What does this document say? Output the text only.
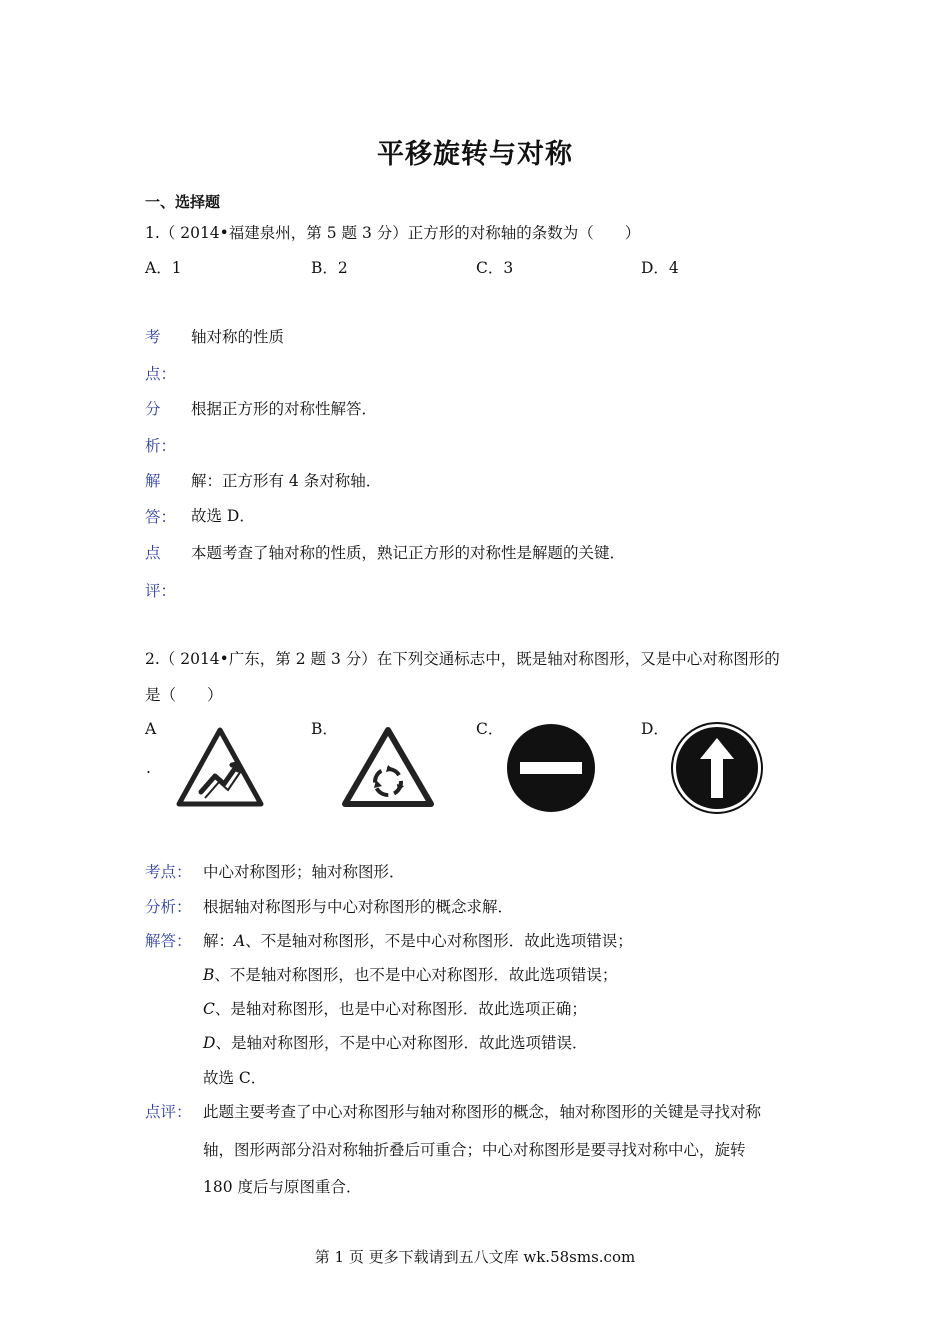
平移旋转与对称
一、选择题
1.（ 2014•福建泉州，第 5 题 3 分）正方形的对称轴的条数为（　　）
A．1	B．2	C．3	D．4
考
点：
轴对称的性质
分
析：
根据正方形的对称性解答．
解
答：
解：正方形有 4 条对称轴．
故选 D．
点
评：
本题考查了轴对称的性质，熟记正方形的对称性是解题的关键．
2.（ 2014•广东，第 2 题 3 分）在下列交通标志中，既是轴对称图形，又是中心对称图形的
是（　　）
A
.
B．	C．	D．
考点： 中心对称图形；轴对称图形．
分析： 根据轴对称图形与中心对称图形的概念求解．
解答： 解：A、不是轴对称图形，不是中心对称图形．故此选项错误；
B、不是轴对称图形，也不是中心对称图形．故此选项错误；
C、是轴对称图形，也是中心对称图形．故此选项正确；
D、是轴对称图形，不是中心对称图形．故此选项错误．
故选 C．
点评： 此题主要考查了中心对称图形与轴对称图形的概念，轴对称图形的关键是寻找对称
轴，图形两部分沿对称轴折叠后可重合；中心对称图形是要寻找对称中心，旋转
180 度后与原图重合．
第 1 页 更多下载请到五八文库 wk.58sms.com
